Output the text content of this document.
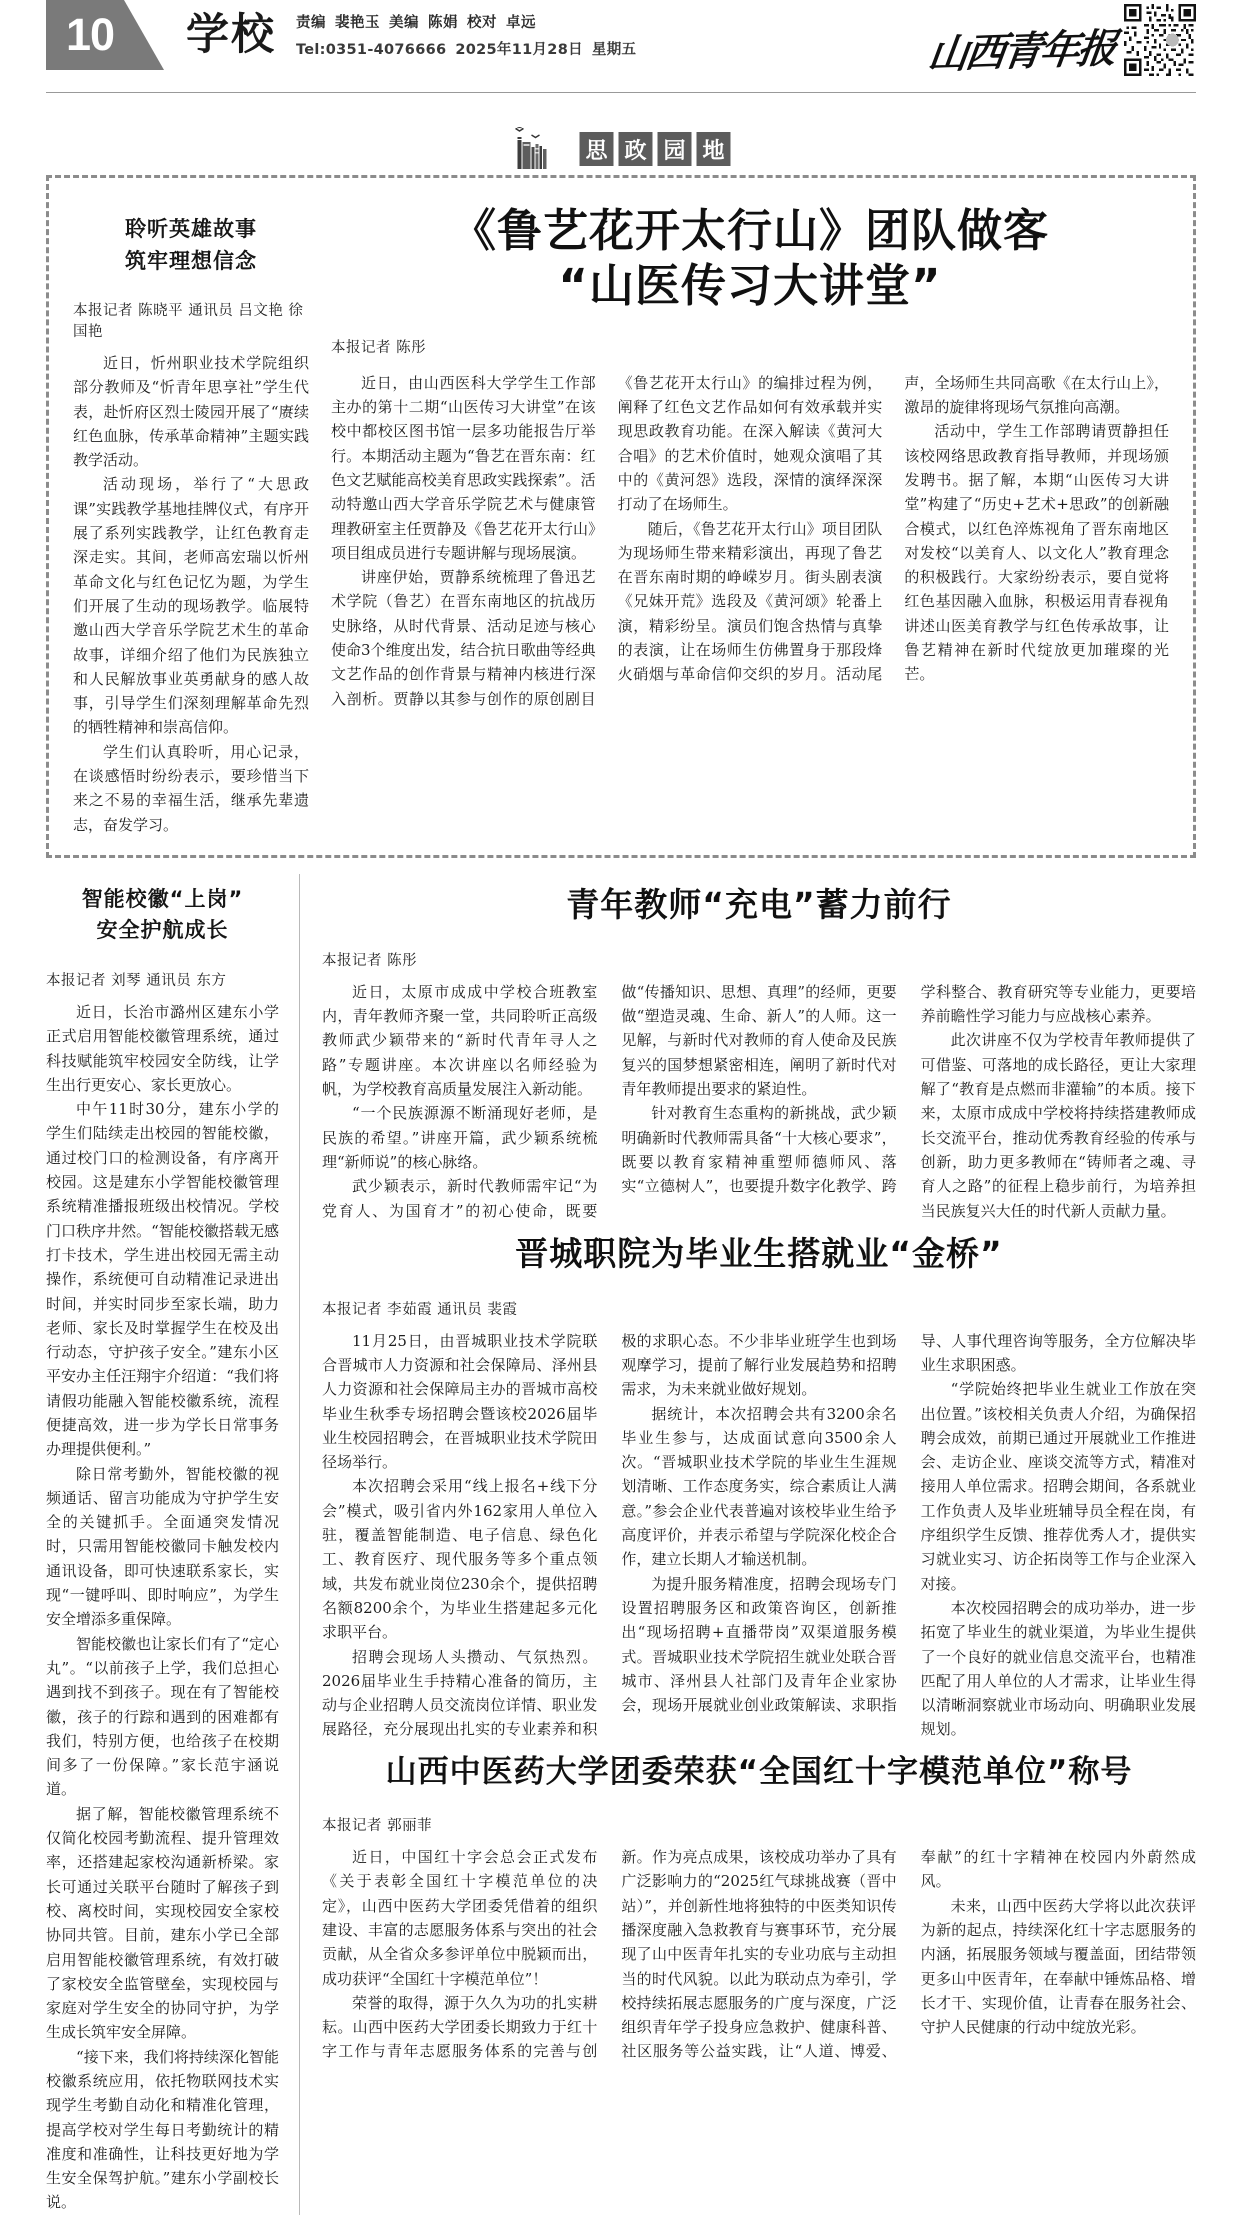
10 学校 责编 裴艳玉 美编 陈娟 校对 卓远
Tel:0351-4076666 2025年11月28日 星期五	山西青年报
思 政 园 地
聆听英雄故事
筑牢理想信念
本报记者 陈晓平 通讯员 吕文艳 徐国艳

近日，忻州职业技术学院组织部分教师及“忻青年思享社”学生代表，赴忻府区烈士陵园开展了“赓续红色血脉，传承革命精神”主题实践教学活动。

活动现场，举行了“大思政课”实践教学基地挂牌仪式，有序开展了系列实践教学，让红色教育走深走实。其间，老师高宏瑞以忻州革命文化与红色记忆为题，为学生们开展了生动的现场教学。临展特邀山西大学音乐学院艺术生的革命故事，详细介绍了他们为民族独立和人民解放事业英勇献身的感人故事，引导学生们深刻理解革命先烈的牺牲精神和崇高信仰。

学生们认真聆听，用心记录，在谈感悟时纷纷表示，要珍惜当下来之不易的幸福生活，继承先辈遗志，奋发学习。

《鲁艺花开太行山》团队做客
“山医传习大讲堂”
本报记者 陈彤

近日，由山西医科大学学生工作部主办的第十二期“山医传习大讲堂”在该校中都校区图书馆一层多功能报告厅举行。本期活动主题为“鲁艺在晋东南：红色文艺赋能高校美育思政实践探索”。活动特邀山西大学音乐学院艺术与健康管理教研室主任贾静及《鲁艺花开太行山》项目组成员进行专题讲解与现场展演。

讲座伊始，贾静系统梳理了鲁迅艺术学院（鲁艺）在晋东南地区的抗战历史脉络，从时代背景、活动足迹与核心使命3个维度出发，结合抗日歌曲等经典文艺作品的创作背景与精神内核进行深入剖析。贾静以其参与创作的原创剧目《鲁艺花开太行山》的编排过程为例，阐释了红色文艺作品如何有效承载并实现思政教育功能。在深入解读《黄河大合唱》的艺术价值时，她观众演唱了其中的《黄河怨》选段，深情的演绎深深打动了在场师生。

随后，《鲁艺花开太行山》项目团队为现场师生带来精彩演出，再现了鲁艺在晋东南时期的峥嵘岁月。街头剧表演《兄妹开荒》选段及《黄河颂》轮番上演，精彩纷呈。演员们饱含热情与真挚的表演，让在场师生仿佛置身于那段烽火硝烟与革命信仰交织的岁月。活动尾声，全场师生共同高歌《在太行山上》，激昂的旋律将现场气氛推向高潮。

活动中，学生工作部聘请贾静担任该校网络思政教育指导教师，并现场颁发聘书。据了解，本期“山医传习大讲堂”构建了“历史+艺术+思政”的创新融合模式，以红色淬炼视角了晋东南地区对发校“以美育人、以文化人”教育理念的积极践行。大家纷纷表示，要自觉将红色基因融入血脉，积极运用青春视角讲述山医美育教学与红色传承故事，让鲁艺精神在新时代绽放更加璀璨的光芒。

智能校徽“上岗”
安全护航成长
本报记者 刘琴 通讯员 东方

近日，长治市潞州区建东小学正式启用智能校徽管理系统，通过科技赋能筑牢校园安全防线，让学生出行更安心、家长更放心。

中午11时30分，建东小学的学生们陆续走出校园的智能校徽，通过校门口的检测设备，有序离开校园。这是建东小学智能校徽管理系统精准播报班级出校情况。学校门口秩序井然。“智能校徽搭载无感打卡技术，学生进出校园无需主动操作，系统便可自动精准记录进出时间，并实时同步至家长端，助力老师、家长及时掌握学生在校及出行动态，守护孩子安全。”建东小区平安办主任汪翔宇介绍道：“我们将请假功能融入智能校徽系统，流程便捷高效，进一步为学长日常事务办理提供便利。”

除日常考勤外，智能校徽的视频通话、留言功能成为守护学生安全的关键抓手。全面通突发情况时，只需用智能校徽同卡触发校内通讯设备，即可快速联系家长，实现“一键呼叫、即时响应”，为学生安全增添多重保障。

智能校徽也让家长们有了“定心丸”。“以前孩子上学，我们总担心遇到找不到孩子。现在有了智能校徽，孩子的行踪和遇到的困难都有我们，特别方便，也给孩子在校期间多了一份保障。”家长范宇涵说道。

据了解，智能校徽管理系统不仅简化校园考勤流程、提升管理效率，还搭建起家校沟通新桥梁。家长可通过关联平台随时了解孩子到校、离校时间，实现校园安全家校协同共管。目前，建东小学已全部启用智能校徽管理系统，有效打破了家校安全监管壁垒，实现校园与家庭对学生安全的协同守护，为学生成长筑牢安全屏障。

“接下来，我们将持续深化智能校徽系统应用，依托物联网技术实现学生考勤自动化和精准化管理，提高学校对学生每日考勤统计的精准度和准确性，让科技更好地为学生安全保驾护航。”建东小学副校长说。

青年教师“充电”蓄力前行
本报记者 陈彤

近日，太原市成成中学校合班教室内，青年教师齐聚一堂，共同聆听正高级教师武少颖带来的“新时代青年寻人之路”专题讲座。本次讲座以名师经验为帆，为学校教育高质量发展注入新动能。

“一个民族源源不断涌现好老师，是民族的希望。”讲座开篇，武少颖系统梳理“新师说”的核心脉络。

武少颖表示，新时代教师需牢记“为党育人、为国育才”的初心使命，既要做“传播知识、思想、真理”的经师，更要做“塑造灵魂、生命、新人”的人师。这一见解，与新时代对教师的育人使命及民族复兴的国梦想紧密相连，阐明了新时代对青年教师提出要求的紧迫性。

针对教育生态重构的新挑战，武少颖明确新时代教师需具备“十大核心要求”，既要以教育家精神重塑师德师风、落实“立德树人”，也要提升数字化教学、跨学科整合、教育研究等专业能力，更要培养前瞻性学习能力与应战核心素养。

此次讲座不仅为学校青年教师提供了可借鉴、可落地的成长路径，更让大家理解了“教育是点燃而非灌输”的本质。接下来，太原市成成中学校将持续搭建教师成长交流平台，推动优秀教育经验的传承与创新，助力更多教师在“铸师者之魂、寻育人之路”的征程上稳步前行，为培养担当民族复兴大任的时代新人贡献力量。

晋城职院为毕业生搭就业“金桥”
本报记者 李茹霞 通讯员 裴霞

11月25日，由晋城职业技术学院联合晋城市人力资源和社会保障局、泽州县人力资源和社会保障局主办的晋城市高校毕业生秋季专场招聘会暨该校2026届毕业生校园招聘会，在晋城职业技术学院田径场举行。

本次招聘会采用“线上报名+线下分会”模式，吸引省内外162家用人单位入驻，覆盖智能制造、电子信息、绿色化工、教育医疗、现代服务等多个重点领域，共发布就业岗位230余个，提供招聘名额8200余个，为毕业生搭建起多元化求职平台。

招聘会现场人头攒动、气氛热烈。2026届毕业生手持精心准备的简历，主动与企业招聘人员交流岗位详情、职业发展路径，充分展现出扎实的专业素养和积极的求职心态。不少非毕业班学生也到场观摩学习，提前了解行业发展趋势和招聘需求，为未来就业做好规划。

据统计，本次招聘会共有3200余名毕业生参与，达成面试意向3500余人次。“晋城职业技术学院的毕业生生涯规划清晰、工作态度务实，综合素质让人满意。”参会企业代表普遍对该校毕业生给予高度评价，并表示希望与学院深化校企合作，建立长期人才输送机制。

为提升服务精准度，招聘会现场专门设置招聘服务区和政策咨询区，创新推出“现场招聘+直播带岗”双渠道服务模式。晋城职业技术学院招生就业处联合晋城市、泽州县人社部门及青年企业家协会，现场开展就业创业政策解读、求职指导、人事代理咨询等服务，全方位解决毕业生求职困惑。

“学院始终把毕业生就业工作放在突出位置。”该校相关负责人介绍，为确保招聘会成效，前期已通过开展就业工作推进会、走访企业、座谈交流等方式，精准对接用人单位需求。招聘会期间，各系就业工作负责人及毕业班辅导员全程在岗，有序组织学生反馈、推荐优秀人才，提供实习就业实习、访企拓岗等工作与企业深入对接。

本次校园招聘会的成功举办，进一步拓宽了毕业生的就业渠道，为毕业生提供了一个良好的就业信息交流平台，也精准匹配了用人单位的人才需求，让毕业生得以清晰洞察就业市场动向、明确职业发展规划。

山西中医药大学团委荣获“全国红十字模范单位”称号
本报记者 郭丽菲

近日，中国红十字会总会正式发布《关于表彰全国红十字模范单位的决定》，山西中医药大学团委凭借着的组织建设、丰富的志愿服务体系与突出的社会贡献，从全省众多参评单位中脱颖而出，成功获评“全国红十字模范单位”！

荣誉的取得，源于久久为功的扎实耕耘。山西中医药大学团委长期致力于红十字工作与青年志愿服务体系的完善与创新。作为亮点成果，该校成功举办了具有广泛影响力的“2025红气球挑战赛（晋中站）”，并创新性地将独特的中医类知识传播深度融入急救教育与赛事环节，充分展现了山中医青年扎实的专业功底与主动担当的时代风貌。以此为联动点为牵引，学校持续拓展志愿服务的广度与深度，广泛组织青年学子投身应急救护、健康科普、社区服务等公益实践，让“人道、博爱、奉献”的红十字精神在校园内外蔚然成风。

未来，山西中医药大学将以此次获评为新的起点，持续深化红十字志愿服务的内涵，拓展服务领域与覆盖面，团结带领更多山中医青年，在奉献中锤炼品格、增长才干、实现价值，让青春在服务社会、守护人民健康的行动中绽放光彩。
